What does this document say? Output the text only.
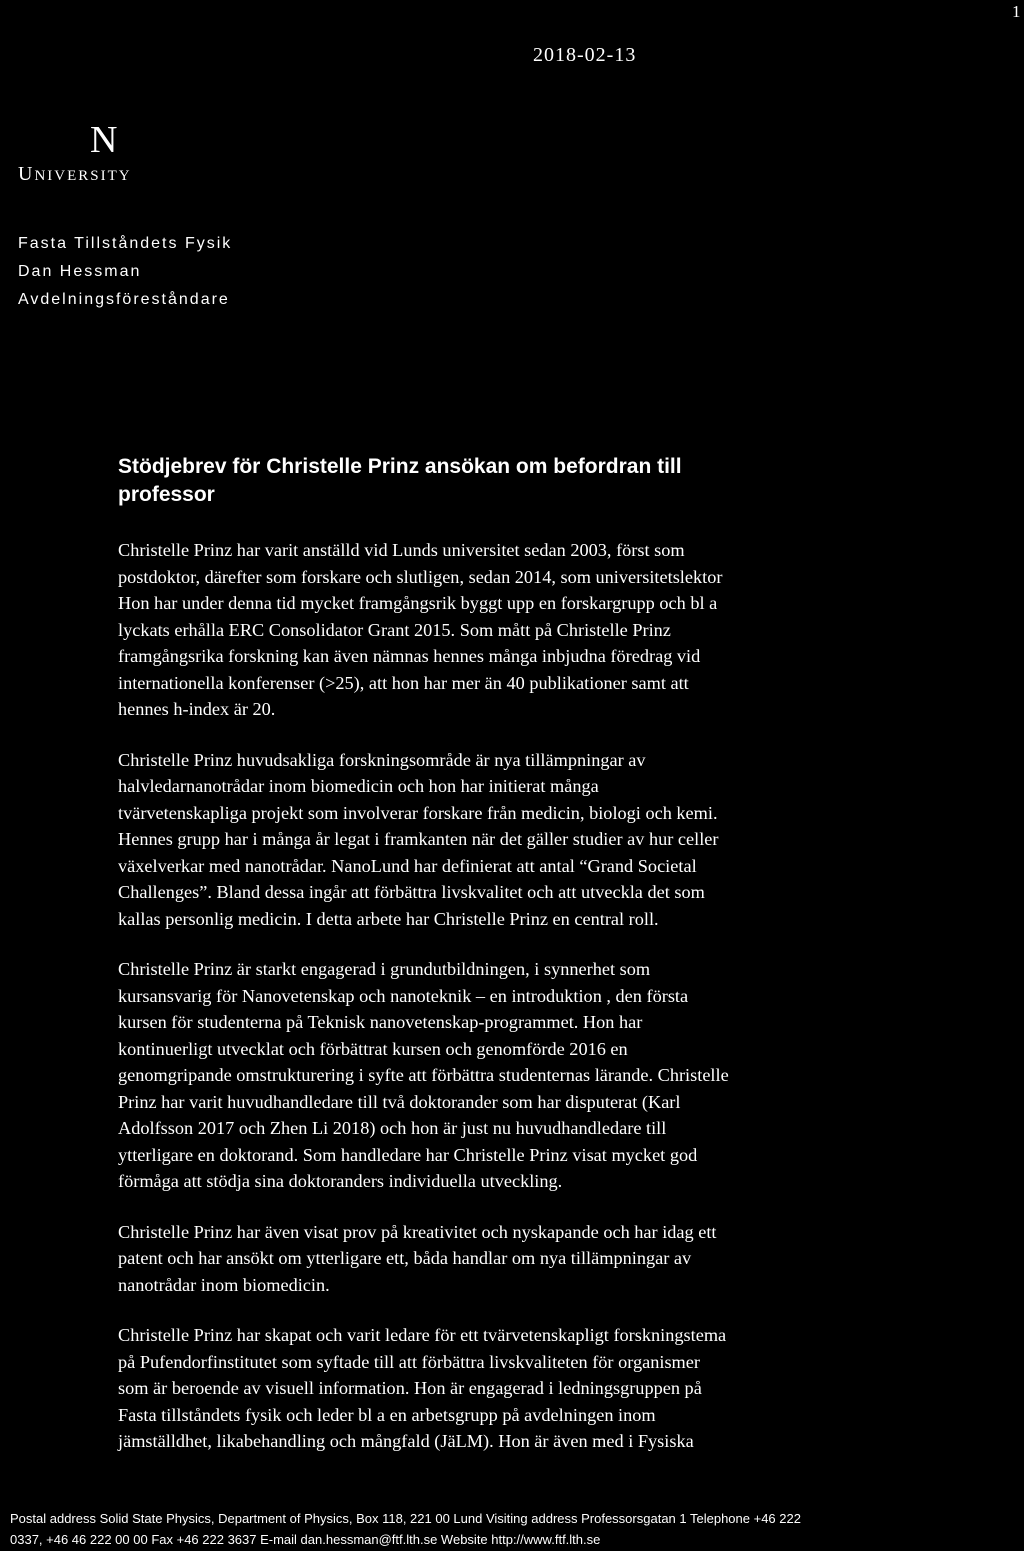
1
2018-02-13
N
UNIVERSITY
Fasta Tillståndets Fysik
Dan Hessman
Avdelningsföreståndare
Stödjebrev för Christelle Prinz ansökan om befordran till
professor

Christelle Prinz har varit anställd vid Lunds universitet sedan 2003, först som
postdoktor, därefter som forskare och slutligen, sedan 2014, som universitetslektor
Hon har under denna tid mycket framgångsrik byggt upp en forskargrupp och bl a
lyckats erhålla ERC Consolidator Grant 2015. Som mått på Christelle Prinz
framgångsrika forskning kan även nämnas hennes många inbjudna föredrag vid
internationella konferenser (>25), att hon har mer än 40 publikationer samt att
hennes h-index är 20.

Christelle Prinz huvudsakliga forskningsområde är nya tillämpningar av
halvledarnanotrådar inom biomedicin och hon har initierat många
tvärvetenskapliga projekt som involverar forskare från medicin, biologi och kemi.
Hennes grupp har i många år legat i framkanten när det gäller studier av hur celler
växelverkar med nanotrådar. NanoLund har definierat att antal “Grand Societal
Challenges”. Bland dessa ingår att förbättra livskvalitet och att utveckla det som
kallas personlig medicin. I detta arbete har Christelle Prinz en central roll.

Christelle Prinz är starkt engagerad i grundutbildningen, i synnerhet som
kursansvarig för Nanovetenskap och nanoteknik – en introduktion , den första
kursen för studenterna på Teknisk nanovetenskap-programmet. Hon har
kontinuerligt utvecklat och förbättrat kursen och genomförde 2016 en
genomgripande omstrukturering i syfte att förbättra studenternas lärande. Christelle
Prinz har varit huvudhandledare till två doktorander som har disputerat (Karl
Adolfsson 2017 och Zhen Li 2018) och hon är just nu huvudhandledare till
ytterligare en doktorand. Som handledare har Christelle Prinz visat mycket god
förmåga att stödja sina doktoranders individuella utveckling.

Christelle Prinz har även visat prov på kreativitet och nyskapande och har idag ett
patent och har ansökt om ytterligare ett, båda handlar om nya tillämpningar av
nanotrådar inom biomedicin.

Christelle Prinz har skapat och varit ledare för ett tvärvetenskapligt forskningstema
på Pufendorfinstitutet som syftade till att förbättra livskvaliteten för organismer
som är beroende av visuell information. Hon är engagerad i ledningsgruppen på
Fasta tillståndets fysik och leder bl a en arbetsgrupp på avdelningen inom
jämställdhet, likabehandling och mångfald (JäLM). Hon är även med i Fysiska

Postal address Solid State Physics, Department of Physics, Box 118, 221 00 Lund Visiting address Professorsgatan 1 Telephone +46 222
0337, +46 46 222 00 00 Fax +46 222 3637 E-mail dan.hessman@ftf.lth.se Website http://www.ftf.lth.se
